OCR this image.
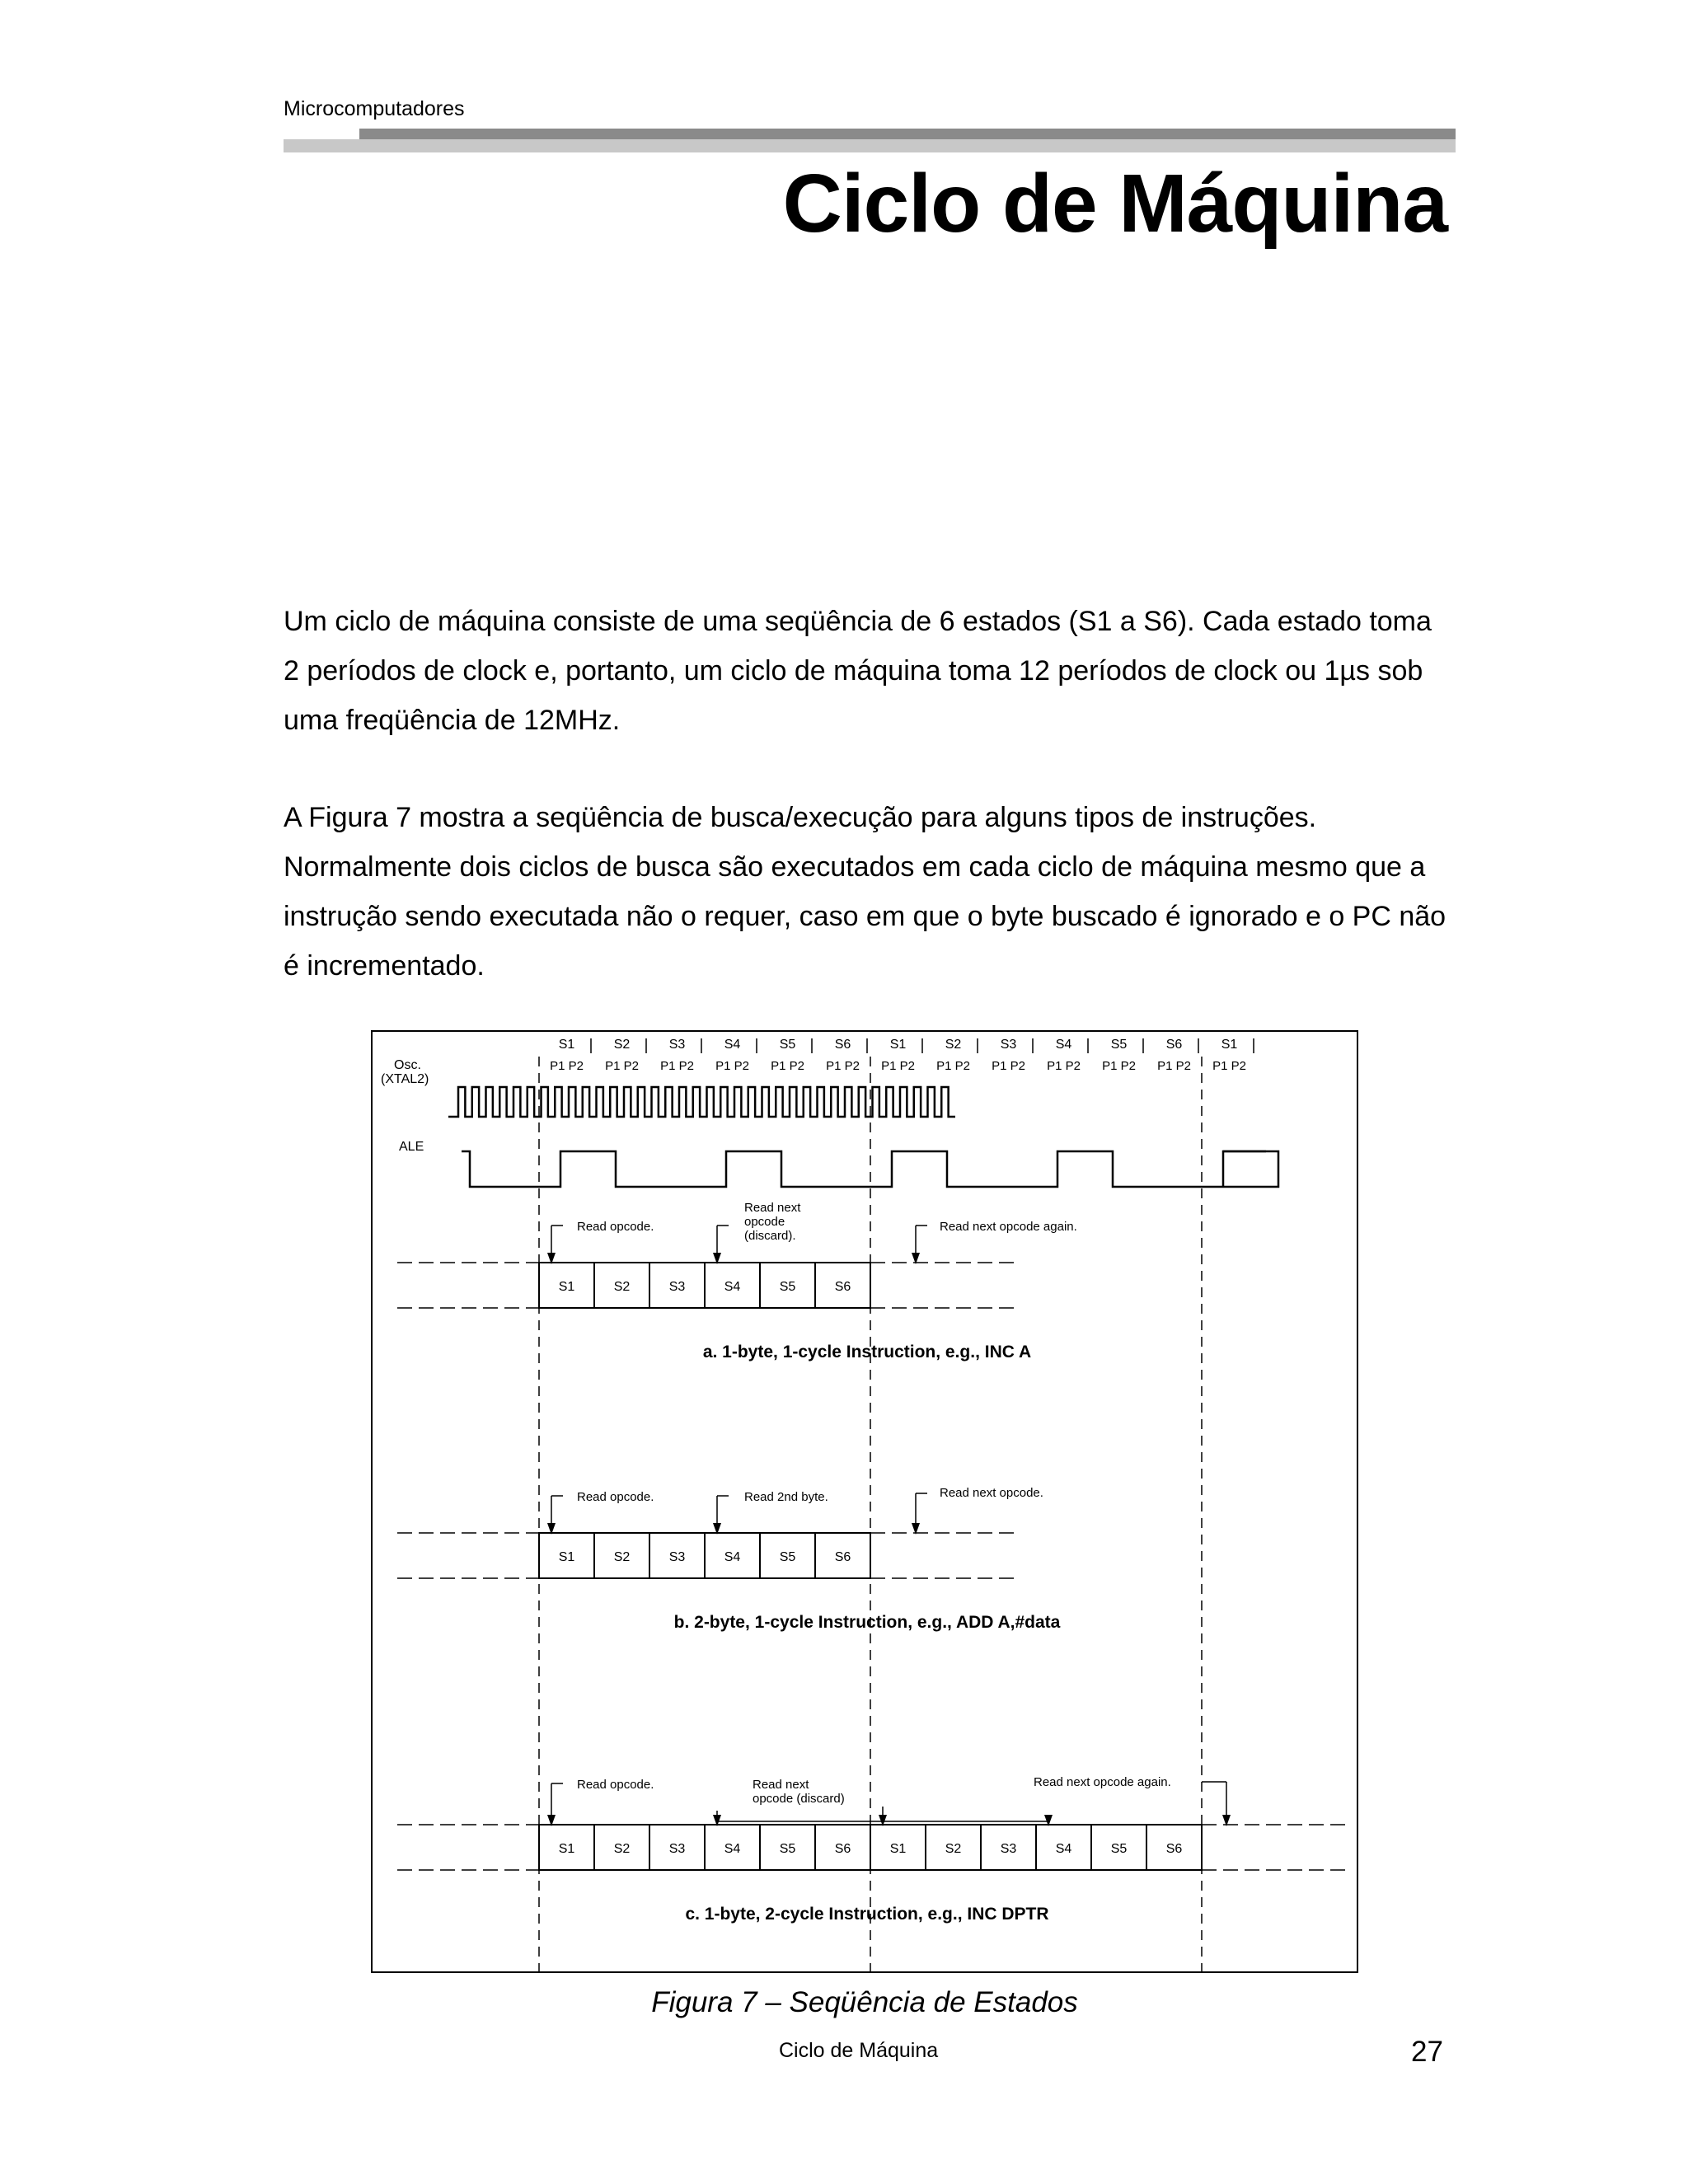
Microcomputadores
Ciclo de Máquina

Um ciclo de máquina consiste de uma seqüência de 6 estados (S1 a S6). Cada estado toma 2 períodos de clock e, portanto, um ciclo de máquina toma 12 períodos de clock ou 1µs sob uma freqüência de 12MHz.

A Figura 7 mostra a seqüência de busca/execução para alguns tipos de instruções. Normalmente dois ciclos de busca são executados em cada ciclo de máquina mesmo que a instrução sendo executada não o requer, caso em que o byte buscado é ignorado e o PC não é incrementado.

S1
P1 P2
S2
P1 P2
S3
P1 P2
S4
P1 P2
S5
P1 P2
S6
P1 P2
S1
P1 P2
S2
P1 P2
S3
P1 P2
S4
P1 P2
S5
P1 P2
S6
P1 P2
S1
P1 P2
Osc.
(XTAL2)
ALE
S1	S2	S3	S4	S5	S6
a. 1-byte, 1-cycle Instruction, e.g., INC A
S1	S2	S3	S4	S5	S6
b. 2-byte, 1-cycle Instruction, e.g., ADD A,#data
S1	S2	S3	S4	S5	S6	S1	S2	S3	S4	S5	S6
c. 1-byte, 2-cycle Instruction, e.g., INC DPTR
Read opcode.
Read next
opcode
(discard).
Read next opcode again.
Read opcode.	Read 2nd byte.	Read next opcode.
Read opcode.	Read next
opcode (discard)
Read next opcode again.
Figura 7 – Seqüência de Estados
Ciclo de Máquina	27
